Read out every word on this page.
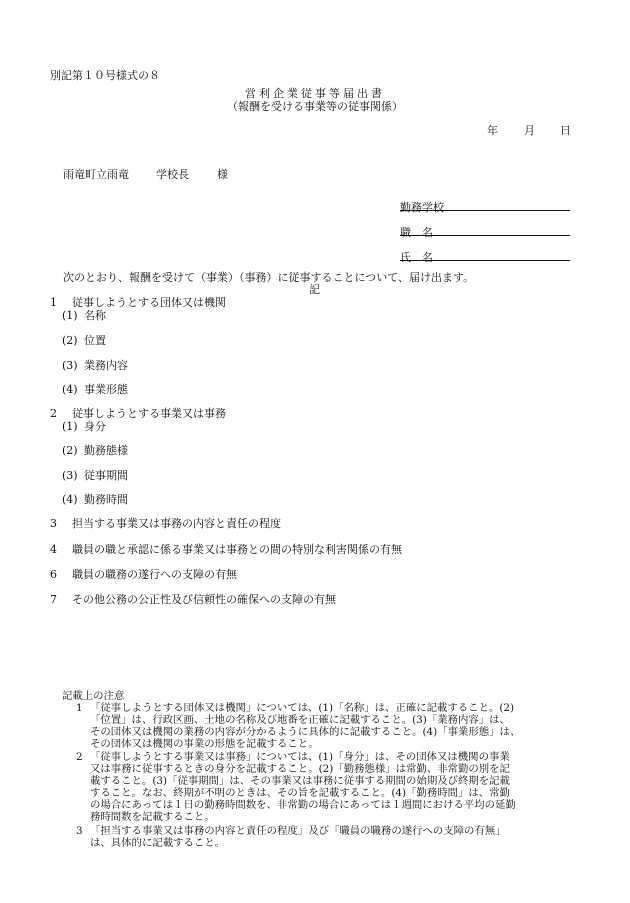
別記第１０号様式の８
営利企業従事等届出書
（報酬を受ける事業等の従事関係）
年 月 日
雨竜町立雨竜 学校長	様
勤務学校
職　名
氏　名
次のとおり、報酬を受けて（事業）（事務）に従事することについて、届け出ます。
記
1 従事しようとする団体又は機関
(1) 名称
(2) 位置
(3) 業務内容
(4) 事業形態
2 従事しようとする事業又は事務
(1) 身分
(2) 勤務態様
(3) 従事期間
(4) 勤務時間
3 担当する事業又は事務の内容と責任の程度
4 職員の職と承認に係る事業又は事務との間の特別な利害関係の有無
6 職員の職務の遂行への支障の有無
7 その他公務の公正性及び信頼性の確保への支障の有無

記載上の注意

1 「従事しようとする団体又は機関」については、(1)「名称」は、正確に記載すること。(2)

「位置」は、行政区画、土地の名称及び地番を正確に記載すること。(3)「業務内容」は、

その団体又は機関の業務の内容が分かるように具体的に記載すること。(4)「事業形態」は、

その団体又は機関の事業の形態を記載すること。

2 「従事しようとする事業又は事務」については、(1)「身分」は、その団体又は機関の事業

又は事務に従事するときの身分を記載すること。(2)「勤務態様」は常勤、非常勤の別を記

載すること。(3)「従事期間」は、その事業又は事務に従事する期間の始期及び終期を記載

すること。なお、終期が不明のときは、その旨を記載すること。(4)「勤務時間」は、常勤

の場合にあっては１日の勤務時間数を、非常勤の場合にあっては１週間における平均の延勤

務時間数を記載すること。

3 「担当する事業又は事務の内容と責任の程度」及び「職員の職務の遂行への支障の有無」

は、具体的に記載すること。
